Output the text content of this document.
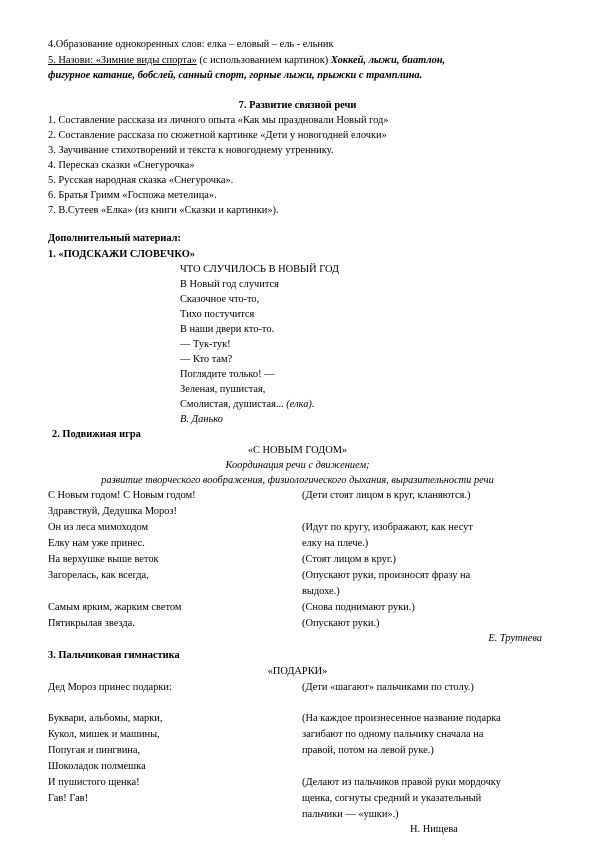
4.Образование однокоренных слов: елка – еловый – ель - ельник
5. Назови: «Зимние виды спорта» (с использованием картинок) Хоккей, лыжи, биатлон,
фигурное катание, бобслей, санный спорт, горные лыжи, прыжки с трамплина.
7. Развитие связной речи
1. Составление рассказа из личного опыта «Как мы праздновали Новый год»
2. Составление рассказа по сюжетной картинке «Дети у новогодней елочки»
3. Заучивание стихотворений и текста к новогоднему утреннику.
4. Пересказ сказки «Снегурочка»
5. Русская народная сказка «Снегурочка».
6. Братья Гримм «Госпожа метелица».
7. В.Сутеев «Елка» (из книги «Сказки и картинки»).
Дополнительный материал:
1. «ПОДСКАЖИ СЛОВЕЧКО»
ЧТО СЛУЧИЛОСЬ В НОВЫЙ ГОД
В Новый год случится
Сказочное что-то,
Тихо постучится
В наши двери кто-то.
— Тук-тук!
— Кто там?
Поглядите только! —
Зеленая, пушистая,
Смолистая, душистая... (елка).
В. Данько
2. Подвижная игра
«С НОВЫМ ГОДОМ»
Координация речи с движением;
развитие творческого воображения, физиологического дыхания, выразительности речи
С Новым годом! С Новым годом!	(Дети стоят лицом в круг, кланяются.)
Здравствуй, Дедушка Мороз!
Он из леса мимоходом	(Идут по кругу, изображают, как несут
Елку нам уже принес.	елку на плече.)
На верхушке выше веток	(Стоят лицом в круг.)
Загорелась, как всегда,	(Опускают руки, произносят фразу на
выдохе.)
Самым ярким, жарким светом	(Снова поднимают руки.)
Пятикрылая звезда.	(Опускают руки.)
Е. Трутнева
3. Пальчиковая гимнастика
«ПОДАРКИ»
Дед Мороз принес подарки:	(Дети «шагают» пальчиками по столу.)
Буквари, альбомы, марки,	(На каждое произнесенное название подарка
Кукол, мишек и машины,	загибают по одному пальчику сначала на
Попугая и пингвина,	правой, потом на левой руке.)
Шоколадок полмешка
И пушистого щенка!	(Делают из пальчиков правой руки мордочку
Гав! Гав!	щенка, согнуты средний и указательный
пальчики — «ушки».)
Н. Нищева
